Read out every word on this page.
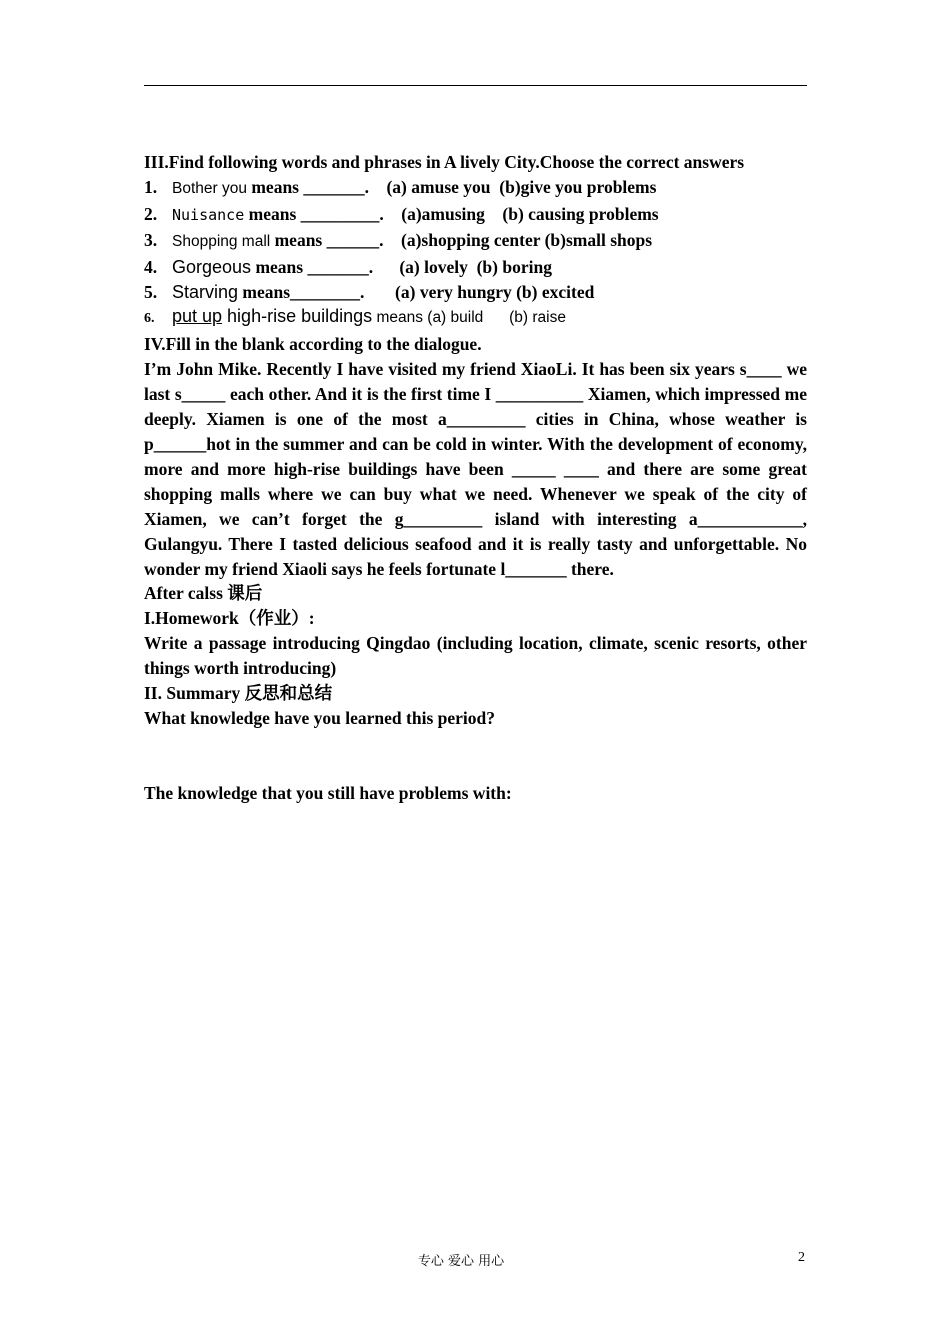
III.Find following words and phrases in A lively City.Choose the correct answers
1. Bother you means _______.    (a) amuse you  (b)give you problems
2. Nuisance means _________.    (a)amusing    (b) causing problems
3. Shopping mall means ______.    (a)shopping center (b)small shops
4. Gorgeous means _______.      (a) lovely  (b) boring
5. Starving means________.       (a) very hungry (b) excited
6. put up high-rise buildings means (a) build      (b) raise
IV.Fill in the blank according to the dialogue.
I’m John Mike. Recently I have visited my friend XiaoLi. It has been six years s____ we last s_____ each other. And it is the first time I __________ Xiamen, which impressed me deeply. Xiamen is one of the most a_________ cities in China, whose weather is p______hot in the summer and can be cold in winter. With the development of economy, more and more high-rise buildings have been _____ ____ and there are some great shopping malls where we can buy what we need. Whenever we speak of the city of Xiamen, we can’t forget the g_________ island with interesting a____________, Gulangyu. There I tasted delicious seafood and it is really tasty and unforgettable. No wonder my friend Xiaoli says he feels fortunate l_______ there.
After calss 课后
I.Homework（作业）:
Write a passage introducing Qingdao (including location, climate, scenic resorts, other things worth introducing)
II. Summary 反思和总结
What knowledge have you learned this period?
The knowledge that you still have problems with:
专心 爱心 用心	2
